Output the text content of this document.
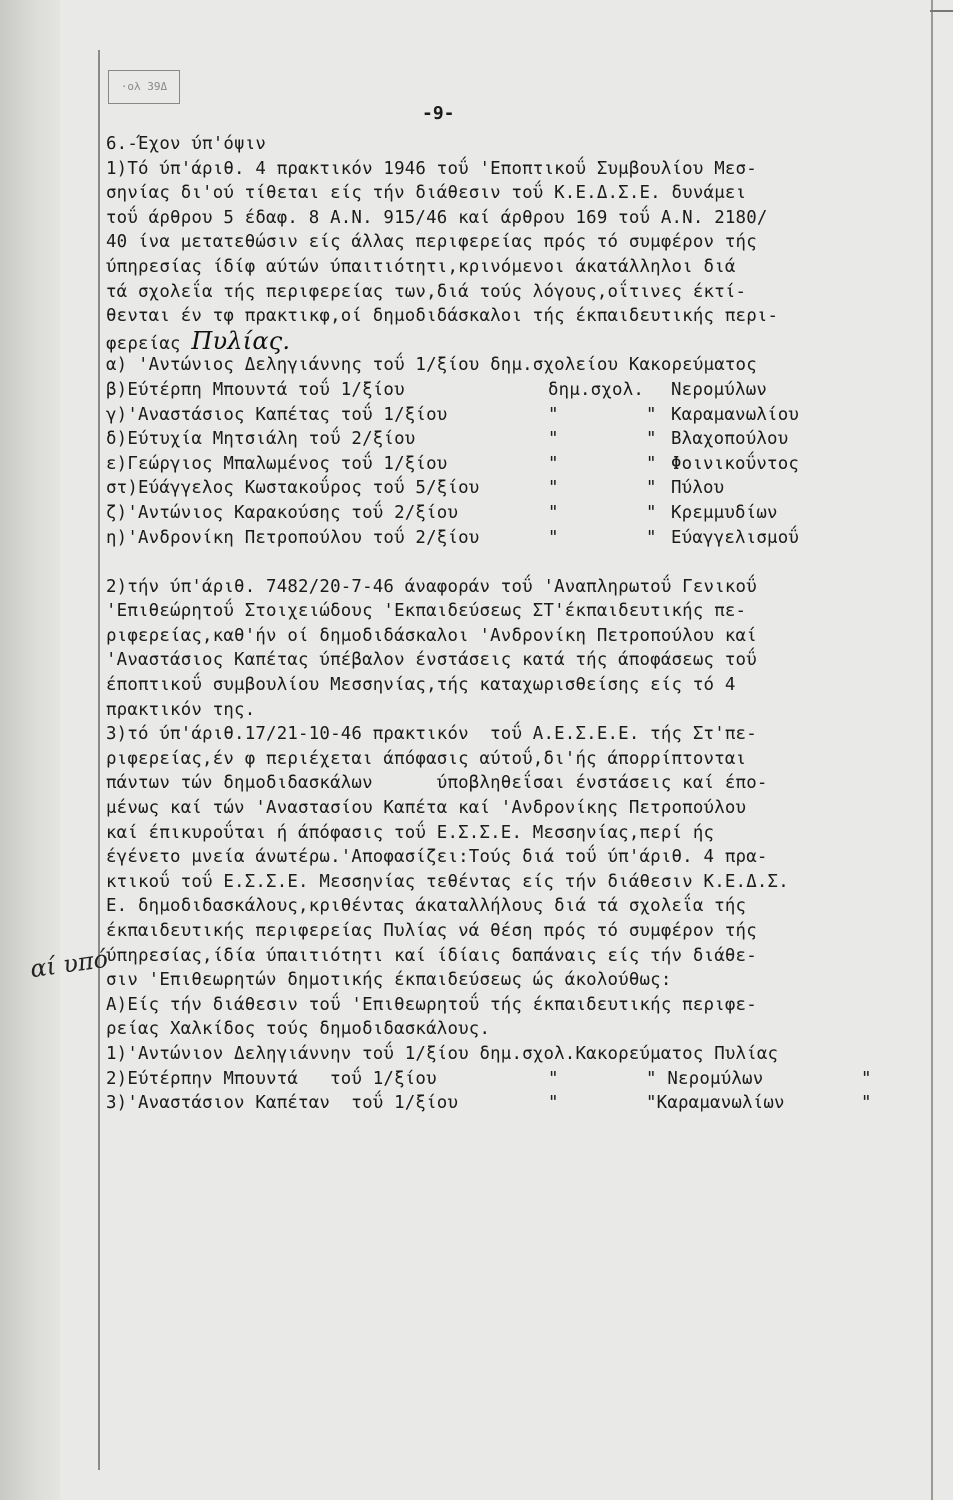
·ολ 39Δ
-9-
αί υπό
6.-Έχον ύπ'όψιν
1)Τό ύπ'άριθ. 4 πρακτικόν 1946 τοΰ 'Εποπτικοΰ Συμβουλίου Μεσ-
σηνίας δι'ού τίθεται είς τήν διάθεσιν τοΰ Κ.Ε.Δ.Σ.Ε. δυνάμει
τοΰ άρθρου 5 έδαφ. 8 Α.Ν. 915/46 καί άρθρου 169 τοΰ Α.Ν. 2180/
40 ίνα μετατεθώσιν είς άλλας περιφερείας πρός τό συμφέρον τής
ύπηρεσίας ίδίφ αύτών ύπαιτιότητι,κρινόμενοι άκατάλληλοι διά
τά σχολεΐα τής περιφερείας των,διά τούς λόγους,οΐτινες έκτί-
θενται έν τφ πρακτικφ,οί δημοδιδάσκαλοι τής έκπαιδευτικής περι-
φερείας Πυλίας.
α) 'Αντώνιος Δεληγιάννης τοΰ 1/ξίου δημ.σχολείου Κακορεύματος
β)Εύτέρπη Μπουντά τοΰ 1/ξίου	δημ.σχολ. Νερομύλων
γ)'Αναστάσιος Καπέτας τοΰ 1/ξίου	"	" Καραμανωλίου
δ)Εύτυχία Μητσιάλη τοΰ 2/ξίου	"	" Βλαχοπούλου
ε)Γεώργιος Μπαλωμένος τοΰ 1/ξίου	"	" Φοινικοΰντος
στ)Εύάγγελος Κωστακοΰρος τοΰ 5/ξίου	"	" Πύλου
ζ)'Αντώνιος Καρακούσης τοΰ 2/ξίου	"	" Κρεμμυδίων
η)'Ανδρονίκη Πετροπούλου τοΰ 2/ξίου	"	" Εύαγγελισμοΰ
2)τήν ύπ'άριθ. 7482/20-7-46 άναφοράν τοΰ 'Αναπληρωτοΰ Γενικοΰ
'Επιθεώρητοΰ Στοιχειώδους 'Εκπαιδεύσεως ΣΤ'έκπαιδευτικής πε-
ριφερείας,καθ'ήν οί δημοδιδάσκαλοι 'Ανδρονίκη Πετροπούλου καί
'Αναστάσιος Καπέτας ύπέβαλον ένστάσεις κατά τής άποφάσεως τοΰ
έποπτικοΰ συμβουλίου Μεσσηνίας,τής καταχωρισθείσης είς τό 4
πρακτικόν της.
3)τό ύπ'άριθ.17/21-10-46 πρακτικόν  τοΰ Α.Ε.Σ.Ε.Ε. τής Στ'πε-
ριφερείας,έν φ περιέχεται άπόφασις αύτοΰ,δι'ής άπορρίπτονται
πάντων τών δημοδιδασκάλων      ύποβληθεΐσαι ένστάσεις καί έπο-
μένως καί τών 'Αναστασίου Καπέτα καί 'Ανδρονίκης Πετροπούλου
καί έπικυροΰται ή άπόφασις τοΰ Ε.Σ.Σ.Ε. Μεσσηνίας,περί ής
έγένετο μνεία άνωτέρω.'Αποφασίζει:Τούς διά τοΰ ύπ'άριθ. 4 πρα-
κτικοΰ τοΰ Ε.Σ.Σ.Ε. Μεσσηνίας τεθέντας είς τήν διάθεσιν Κ.Ε.Δ.Σ.
Ε. δημοδιδασκάλους,κριθέντας άκαταλλήλους διά τά σχολεΐα τής
έκπαιδευτικής περιφερείας Πυλίας νά θέση πρός τό συμφέρον τής
ύπηρεσίας,ίδία ύπαιτιότητι καί ίδίαις δαπάναις είς τήν διάθε-
σιν 'Επιθεωρητών δημοτικής έκπαιδεύσεως ώς άκολούθως:
Α)Είς τήν διάθεσιν τοΰ 'Επιθεωρητοΰ τής έκπαιδευτικής περιφε-
ρείας Χαλκίδος τούς δημοδιδασκάλους.
1)'Αντώνιον Δεληγιάννην τοΰ 1/ξίου δημ.σχολ.Κακορεύματος Πυλίας
2)Εύτέρπην Μπουντά   τοΰ 1/ξίου	"	" Νερομύλων	"
3)'Αναστάσιον Καπέταν  τοΰ 1/ξίου	"	"Καραμανωλίων	"
